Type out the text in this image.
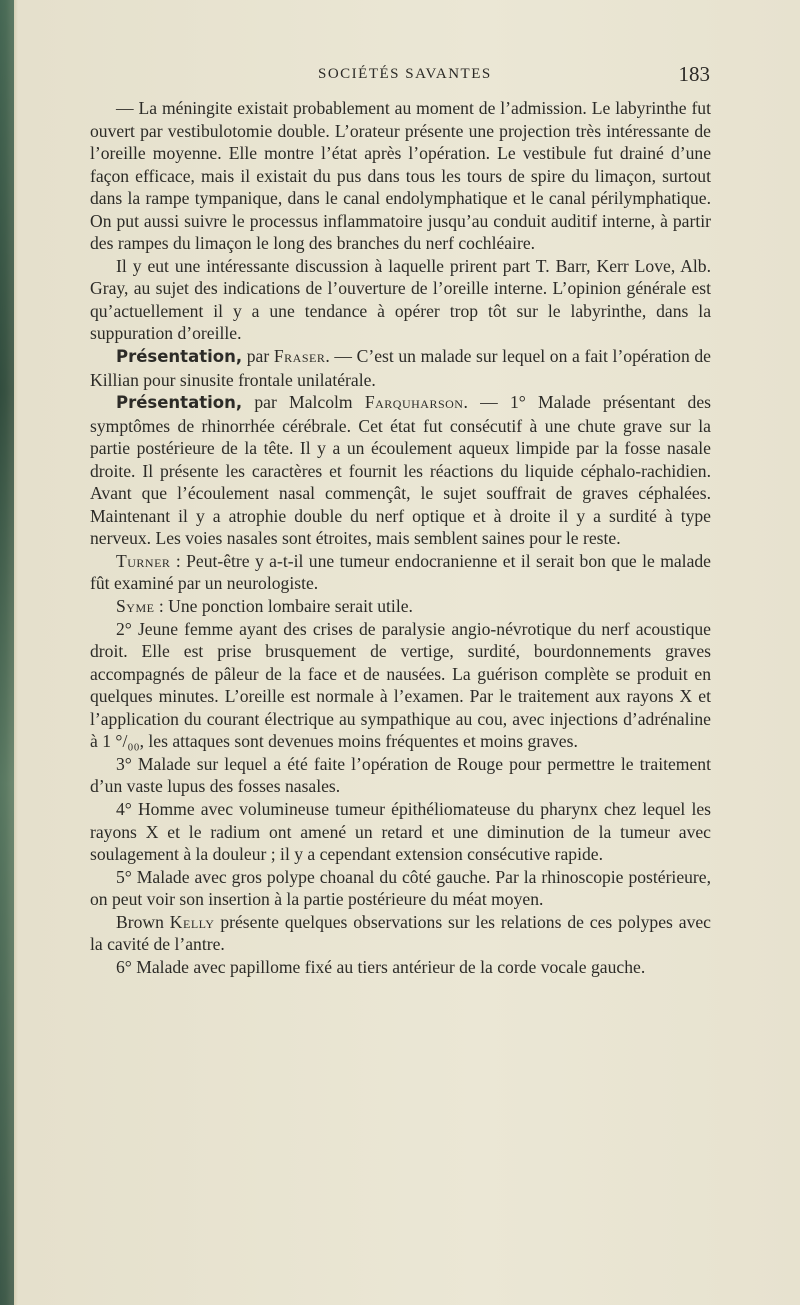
SOCIÉTÉS SAVANTES	183

— La méningite existait probablement au moment de l’admission. Le labyrinthe fut ouvert par vestibulotomie double. L’orateur présente une projection très intéressante de l’oreille moyenne. Elle montre l’état après l’opération. Le vestibule fut drainé d’une façon efficace, mais il existait du pus dans tous les tours de spire du limaçon, surtout dans la rampe tympanique, dans le canal endolymphatique et le canal périlymphatique. On put aussi suivre le processus inflammatoire jusqu’au conduit auditif interne, à partir des rampes du limaçon le long des branches du nerf cochléaire.

Il y eut une intéressante discussion à laquelle prirent part T. Barr, Kerr Love, Alb. Gray, au sujet des indications de l’ouverture de l’oreille interne. L’opinion générale est qu’actuellement il y a une tendance à opérer trop tôt sur le labyrinthe, dans la suppuration d’oreille.

Présentation, par Fraser. — C’est un malade sur lequel on a fait l’opération de Killian pour sinusite frontale unilatérale.

Présentation, par Malcolm Farquharson. — 1° Malade présentant des symptômes de rhinorrhée cérébrale. Cet état fut consécutif à une chute grave sur la partie postérieure de la tête. Il y a un écoulement aqueux limpide par la fosse nasale droite. Il présente les caractères et fournit les réactions du liquide céphalo-rachidien. Avant que l’écoulement nasal commençât, le sujet souffrait de graves céphalées. Maintenant il y a atrophie double du nerf optique et à droite il y a surdité à type nerveux. Les voies nasales sont étroites, mais semblent saines pour le reste.

Turner : Peut-être y a-t-il une tumeur endocranienne et il serait bon que le malade fût examiné par un neurologiste.

Syme : Une ponction lombaire serait utile.

2° Jeune femme ayant des crises de paralysie angio-névrotique du nerf acoustique droit. Elle est prise brusquement de vertige, surdité, bourdonnements graves accompagnés de pâleur de la face et de nausées. La guérison complète se produit en quelques minutes. L’oreille est normale à l’examen. Par le traitement aux rayons X et l’application du courant électrique au sympathique au cou, avec injections d’adrénaline à 1 °/₀₀, les attaques sont devenues moins fréquentes et moins graves.

3° Malade sur lequel a été faite l’opération de Rouge pour permettre le traitement d’un vaste lupus des fosses nasales.

4° Homme avec volumineuse tumeur épithéliomateuse du pharynx chez lequel les rayons X et le radium ont amené un retard et une diminution de la tumeur avec soulagement à la douleur ; il y a cependant extension consécutive rapide.

5° Malade avec gros polype choanal du côté gauche. Par la rhinoscopie postérieure, on peut voir son insertion à la partie postérieure du méat moyen.

Brown Kelly présente quelques observations sur les relations de ces polypes avec la cavité de l’antre.

6° Malade avec papillome fixé au tiers antérieur de la corde vocale gauche.
